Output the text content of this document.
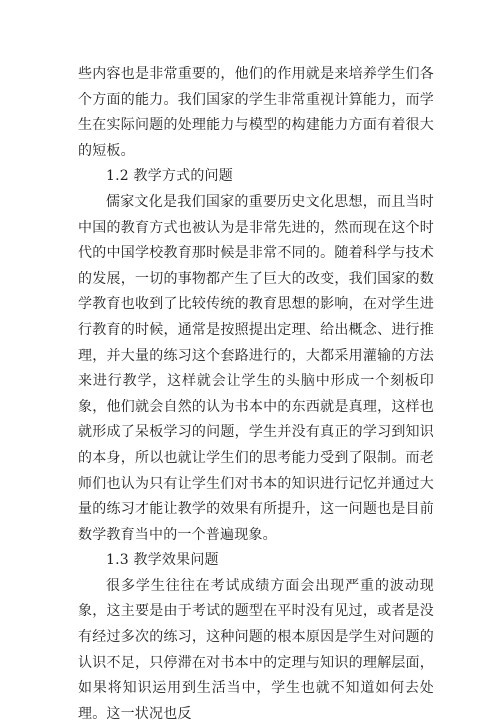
些内容也是非常重要的，他们的作用就是来培养学生们各个方面的能力。我们国家的学生非常重视计算能力，而学生在实际问题的处理能力与模型的构建能力方面有着很大的短板。

1.2 教学方式的问题

儒家文化是我们国家的重要历史文化思想，而且当时中国的教育方式也被认为是非常先进的，然而现在这个时代的中国学校教育那时候是非常不同的。随着科学与技术的发展，一切的事物都产生了巨大的改变，我们国家的数学教育也收到了比较传统的教育思想的影响，在对学生进行教育的时候，通常是按照提出定理、给出概念、进行推理，并大量的练习这个套路进行的，大都采用灌输的方法来进行教学，这样就会让学生的头脑中形成一个刻板印象，他们就会自然的认为书本中的东西就是真理，这样也就形成了呆板学习的问题，学生并没有真正的学习到知识的本身，所以也就让学生们的思考能力受到了限制。而老师们也认为只有让学生们对书本的知识进行记忆并通过大量的练习才能让教学的效果有所提升，这一问题也是目前数学教育当中的一个普遍现象。

1.3 教学效果问题

很多学生往往在考试成绩方面会出现严重的波动现象，这主要是由于考试的题型在平时没有见过，或者是没有经过多次的练习，这种问题的根本原因是学生对问题的认识不足，只停滞在对书本中的定理与知识的理解层面，如果将知识运用到生活当中，学生也就不知道如何去处理。这一状况也反
